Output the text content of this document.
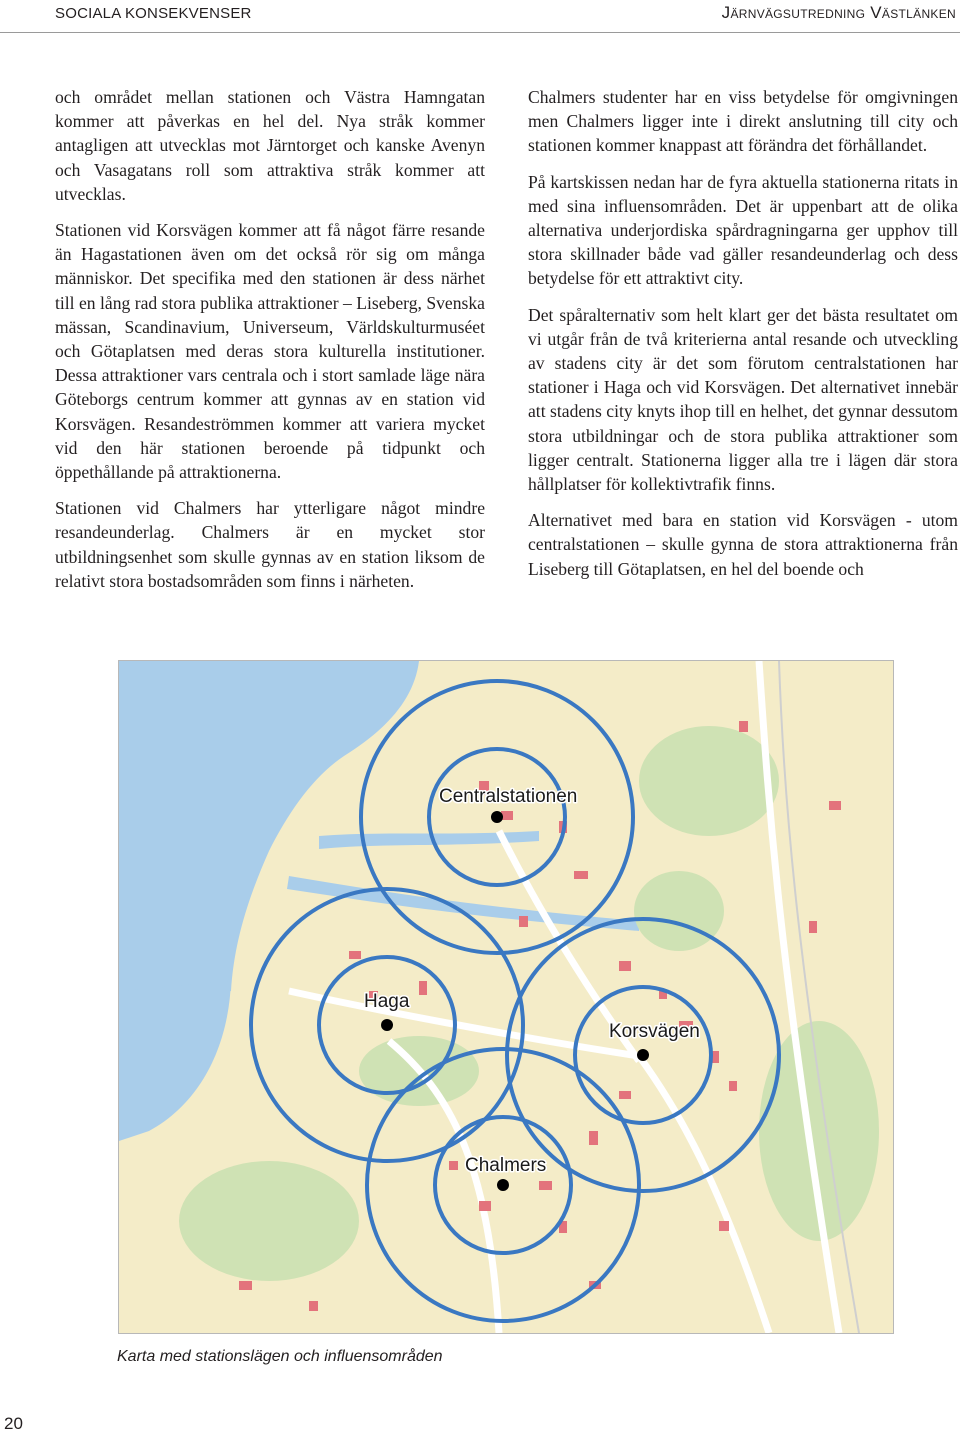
SOCIALA KONSEKVENSER	Järnvägsutredning Västlänken

och området mellan stationen och Västra Hamngatan kommer att påverkas en hel del. Nya stråk kommer antagligen att utvecklas mot Järntorget och kanske Avenyn och Vasagatans roll som attraktiva stråk kommer att utvecklas.

Stationen vid Korsvägen kommer att få något färre resande än Hagastationen även om det också rör sig om många människor. Det specifika med den stationen är dess närhet till en lång rad stora publika attraktioner – Liseberg, Svenska mässan, Scandinavium, Universeum, Världskulturmuséet och Götaplatsen med deras stora kulturella institutioner. Dessa attraktioner vars centrala och i stort samlade läge nära Göteborgs centrum kommer att gynnas av en station vid Korsvägen. Resandeströmmen kommer att variera mycket vid den här stationen beroende på tidpunkt och öppethållande på attraktionerna.

Stationen vid Chalmers har ytterligare något mindre resandeunderlag. Chalmers är en mycket stor utbildningsenhet som skulle gynnas av en station liksom de relativt stora bostadsområden som finns i närheten.

Chalmers studenter har en viss betydelse för omgivningen men Chalmers ligger inte i direkt anslutning till city och stationen kommer knappast att förändra det förhållandet.

På kartskissen nedan har de fyra aktuella stationerna ritats in med sina influensområden. Det är uppenbart att de olika alternativa underjordiska spårdragningarna ger upphov till stora skillnader både vad gäller resandeunderlag och dess betydelse för ett attraktivt city.

Det spåralternativ som helt klart ger det bästa resultatet om vi utgår från de två kriterierna antal resande och utveckling av stadens city är det som förutom centralstationen har stationer i Haga och vid Korsvägen. Det alternativet innebär att stadens city knyts ihop till en helhet, det gynnar dessutom stora utbildningar och de stora publika attraktioner som ligger centralt. Stationerna ligger alla tre i lägen där stora hållplatser för kollektivtrafik finns.

Alternativet med bara en station vid Korsvägen - utom centralstationen – skulle gynna de stora attraktionerna från Liseberg till Götaplatsen, en hel del boende och

Centralstationen
Haga
Korsvägen
Chalmers
Karta med stationslägen och influensområden
20
